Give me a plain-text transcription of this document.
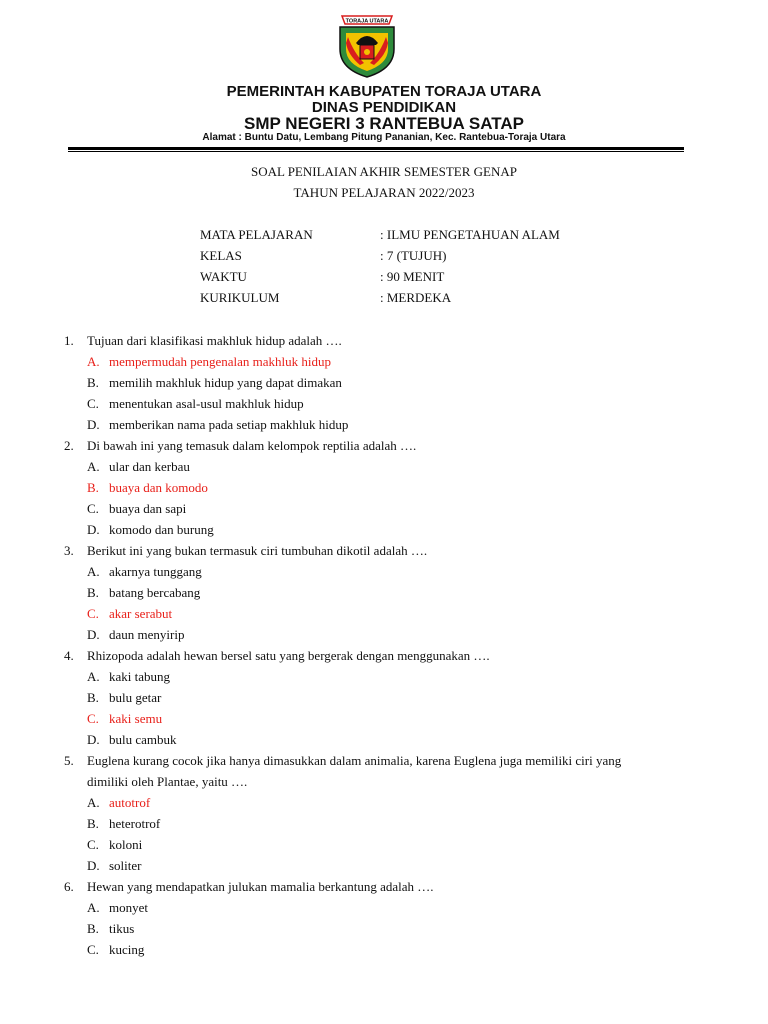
TORAJA UTARA
PEMERINTAH KABUPATEN TORAJA UTARA
DINAS PENDIDIKAN
SMP NEGERI 3 RANTEBUA SATAP
Alamat : Buntu Datu, Lembang Pitung Pananian, Kec. Rantebua-Toraja Utara
SOAL PENILAIAN AKHIR SEMESTER GENAP
TAHUN PELAJARAN 2022/2023
MATA PELAJARAN	: ILMU PENGETAHUAN ALAM
KELAS	: 7 (TUJUH)
WAKTU	: 90 MENIT
KURIKULUM	: MERDEKA
1. Tujuan dari klasifikasi makhluk hidup adalah ….
A. mempermudah pengenalan makhluk hidup
B. memilih makhluk hidup yang dapat dimakan
C. menentukan asal-usul makhluk hidup
D. memberikan nama pada setiap makhluk hidup
2. Di bawah ini yang temasuk dalam kelompok reptilia adalah ….
A. ular dan kerbau
B. buaya dan komodo
C. buaya dan sapi
D. komodo dan burung
3. Berikut ini yang bukan termasuk ciri tumbuhan dikotil adalah ….
A. akarnya tunggang
B. batang bercabang
C. akar serabut
D. daun menyirip
4. Rhizopoda adalah hewan bersel satu yang bergerak dengan menggunakan ….
A. kaki tabung
B. bulu getar
C. kaki semu
D. bulu cambuk
5. Euglena kurang cocok jika hanya dimasukkan dalam animalia, karena Euglena juga memiliki ciri yang
dimiliki oleh Plantae, yaitu ….
A. autotrof
B. heterotrof
C. koloni
D. soliter
6. Hewan yang mendapatkan julukan mamalia berkantung adalah ….
A. monyet
B. tikus
C. kucing
